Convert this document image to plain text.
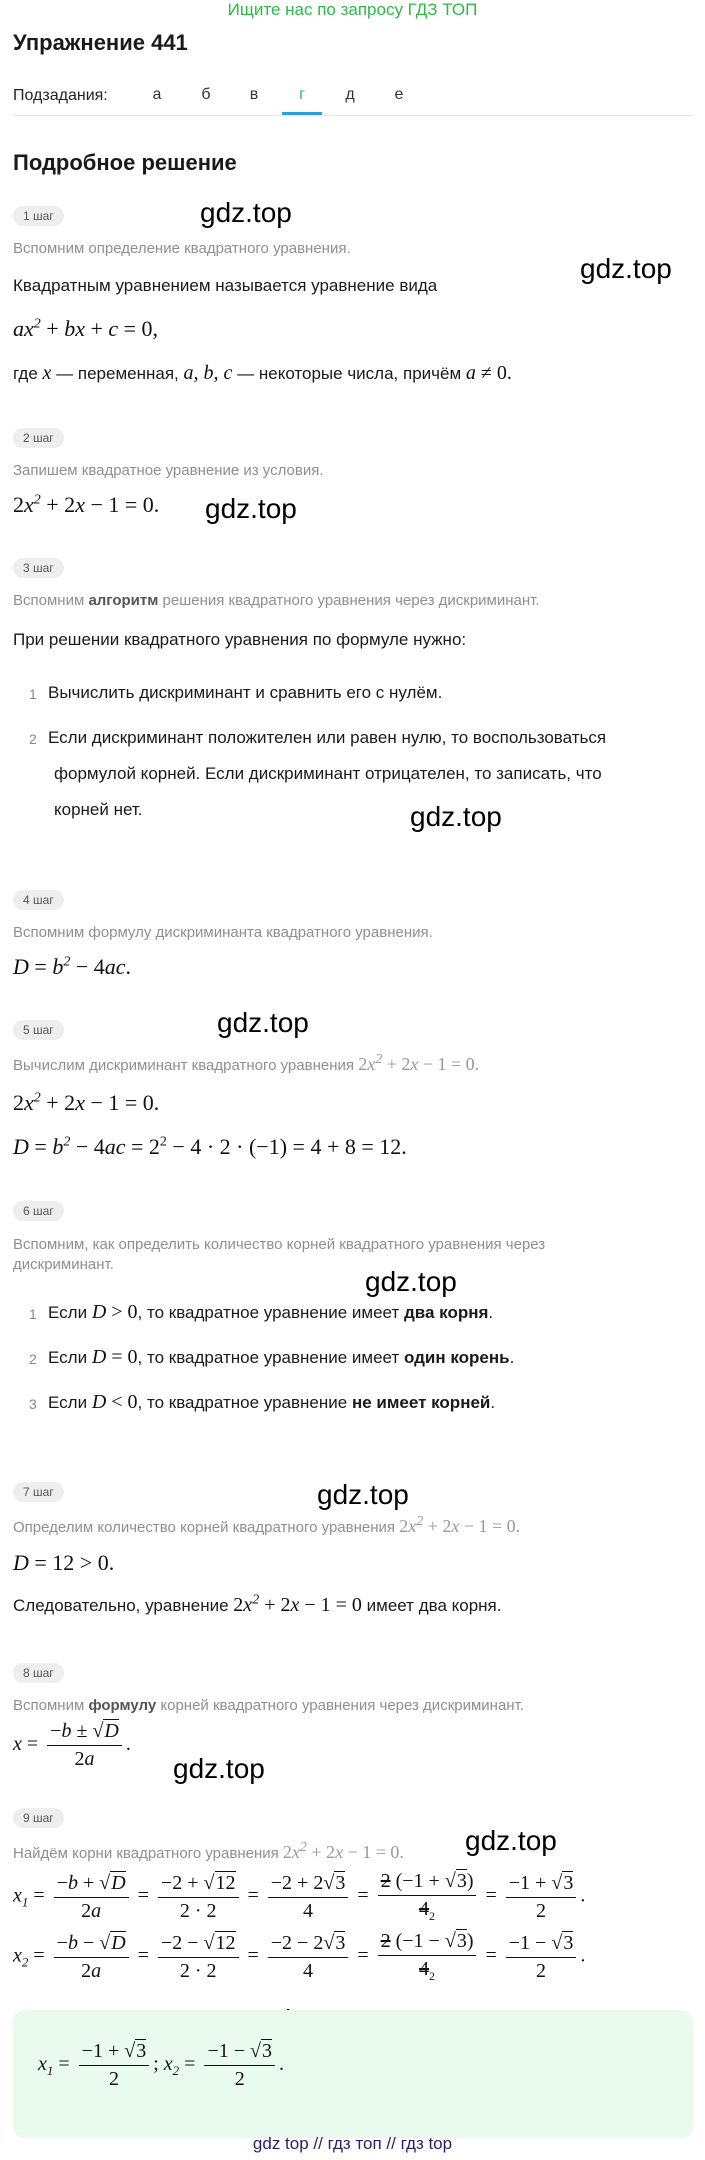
Ищите нас по запросу ГДЗ ТОП
Упражнение 441
Подзадания:	а	б	в	г	д	е
Подробное решение
gdz.top
gdz.top
gdz.top
gdz.top
gdz.top
gdz.top
gdz.top
gdz.top
gdz.top
1 шаг
Вспомним определение квадратного уравнения.
Квадратным уравнением называется уравнение вида
$ax^2$ + bx + c = 0,
где x — переменная, a, b, c — некоторые числа, причём a ≠ 0.
2 шаг
Запишем квадратное уравнение из условия.
$2x^2 + 2x - 1 = 0$.
3 шаг
Вспомним алгоритм решения квадратного уравнения через дискриминант.
При решении квадратного уравнения по формуле нужно:
1 Вычислить дискриминант и сравнить его с нулём.
2 Если дискриминант положителен или равен нулю, то воспользоваться
формулой корней. Если дискриминант отрицателен, то записать, что
корней нет.
4 шаг
Вспомним формулу дискриминанта квадратного уравнения.
$D = b^2 - 4ac$.
5 шаг
Вычислим дискриминант квадратного уравнения $2x^2 + 2x - 1 = 0$.
$2x^2 + 2x - 1 = 0$.
$D = b^2 - 4ac = 2^2 - 4 \cdot 2 \cdot (-1) = 4 + 8 = 12$.
6 шаг
Вспомним, как определить количество корней квадратного уравнения через
дискриминант.
1 Если D > 0, то квадратное уравнение имеет два корня.
2 Если D = 0, то квадратное уравнение имеет один корень.
3 Если D < 0, то квадратное уравнение не имеет корней.
7 шаг
Определим количество корней квадратного уравнения $2x^2 + 2x - 1 = 0$.
D = 12 > 0.
Следовательно, уравнение $2x^2 + 2x - 1 = 0$ имеет два корня.
8 шаг
Вспомним формулу корней квадратного уравнения через дискриминант.
$x = \frac{-b \pm √D}{2a}$ .
9 шаг
Найдём корни квадратного уравнения $2x^2 + 2x - 1 = 0$.
$x_1 = \frac{-b + √D}{2a} = \frac{-2 + √12}{2 \cdot 2} = \frac{-2 + 2√3}{4} = \frac{2 (-1 + √3)}{4_2} = \frac{-1 + √3}{2}$ .
$x_2 = \frac{-b - √D}{2a} = \frac{-2 - √12}{2 \cdot 2} = \frac{-2 - 2√3}{4} = \frac{2 (-1 - √3)}{4_2} = \frac{-1 - √3}{2}$ .
$x_1 = \frac{-1 + √3}{2}$ ; $x_2 = \frac{-1 - √3}{2}$ .
gdz top // гдз топ // гдз top
